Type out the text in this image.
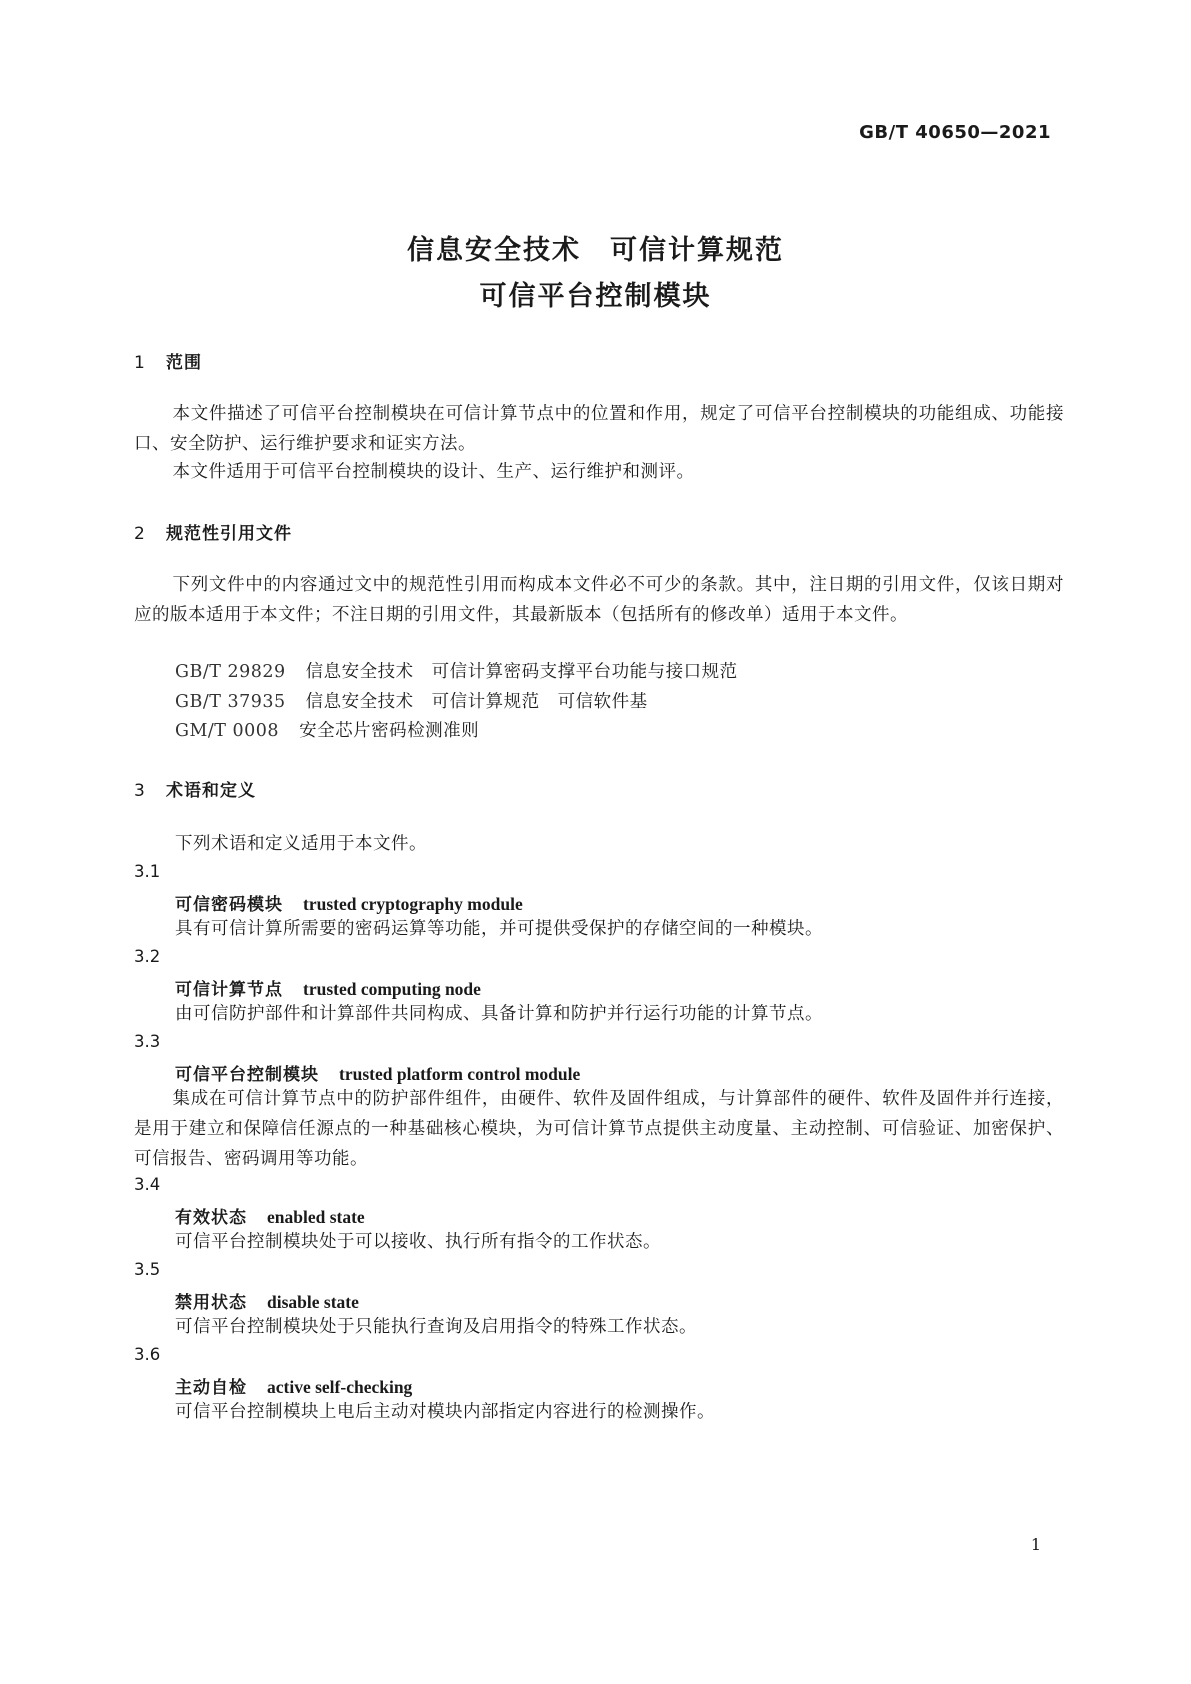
GB/T 40650—2021
信息安全技术　可信计算规范
可信平台控制模块
1 范围
本文件描述了可信平台控制模块在可信计算节点中的位置和作用，规定了可信平台控制模块的功能组成、功能接口、安全防护、运行维护要求和证实方法。
本文件适用于可信平台控制模块的设计、生产、运行维护和测评。
2 规范性引用文件
下列文件中的内容通过文中的规范性引用而构成本文件必不可少的条款。其中，注日期的引用文件，仅该日期对应的版本适用于本文件；不注日期的引用文件，其最新版本（包括所有的修改单）适用于本文件。
GB/T 29829 信息安全技术　可信计算密码支撑平台功能与接口规范
GB/T 37935 信息安全技术　可信计算规范　可信软件基
GM/T 0008 安全芯片密码检测准则
3 术语和定义
下列术语和定义适用于本文件。
3.1
可信密码模块 trusted cryptography module
具有可信计算所需要的密码运算等功能，并可提供受保护的存储空间的一种模块。
3.2
可信计算节点 trusted computing node
由可信防护部件和计算部件共同构成、具备计算和防护并行运行功能的计算节点。
3.3
可信平台控制模块 trusted platform control module
集成在可信计算节点中的防护部件组件，由硬件、软件及固件组成，与计算部件的硬件、软件及固件并行连接，是用于建立和保障信任源点的一种基础核心模块，为可信计算节点提供主动度量、主动控制、可信验证、加密保护、可信报告、密码调用等功能。
3.4
有效状态 enabled state
可信平台控制模块处于可以接收、执行所有指令的工作状态。
3.5
禁用状态 disable state
可信平台控制模块处于只能执行查询及启用指令的特殊工作状态。
3.6
主动自检 active self-checking
可信平台控制模块上电后主动对模块内部指定内容进行的检测操作。
1
